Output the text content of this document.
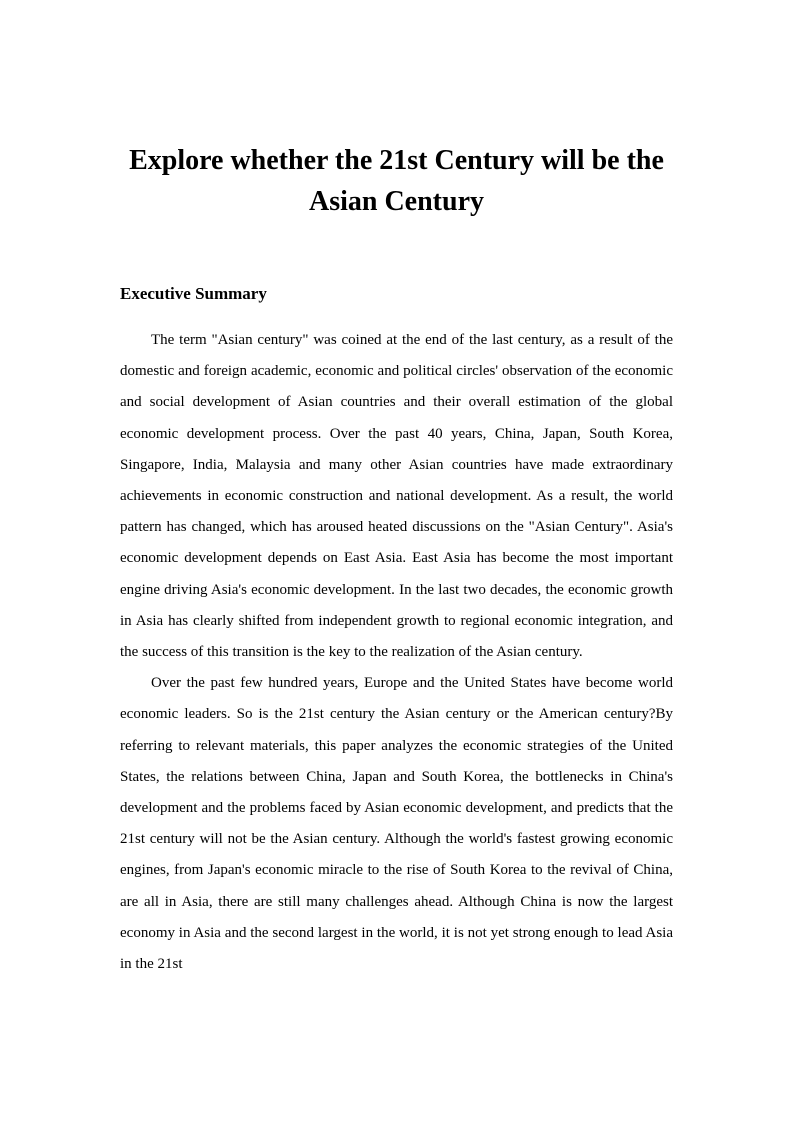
Explore whether the 21st Century will be the Asian Century
Executive Summary

The term "Asian century" was coined at the end of the last century, as a result of the domestic and foreign academic, economic and political circles' observation of the economic and social development of Asian countries and their overall estimation of the global economic development process. Over the past 40 years, China, Japan, South Korea, Singapore, India, Malaysia and many other Asian countries have made extraordinary achievements in economic construction and national development. As a result, the world pattern has changed, which has aroused heated discussions on the "Asian Century". Asia's economic development depends on East Asia. East Asia has become the most important engine driving Asia's economic development. In the last two decades, the economic growth in Asia has clearly shifted from independent growth to regional economic integration, and the success of this transition is the key to the realization of the Asian century.

Over the past few hundred years, Europe and the United States have become world economic leaders. So is the 21st century the Asian century or the American century?By referring to relevant materials, this paper analyzes the economic strategies of the United States, the relations between China, Japan and South Korea, the bottlenecks in China's development and the problems faced by Asian economic development, and predicts that the 21st century will not be the Asian century. Although the world's fastest growing economic engines, from Japan's economic miracle to the rise of South Korea to the revival of China, are all in Asia, there are still many challenges ahead. Although China is now the largest economy in Asia and the second largest in the world, it is not yet strong enough to lead Asia in the 21st
